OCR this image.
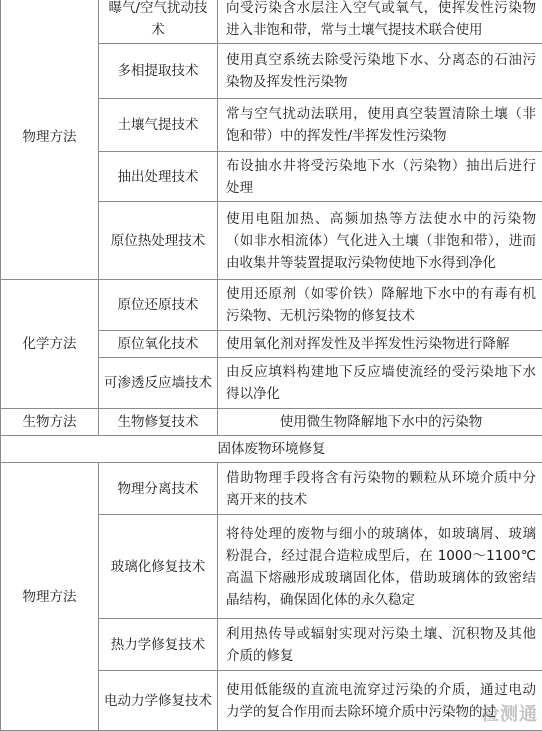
物理方法	曝气/空气扰动技术	向受污染含水层注入空气或氧气，使挥发性污染物进入非饱和带，常与土壤气提技术联合使用
	多相提取技术	使用真空系统去除受污染地下水、分离态的石油污染物及挥发性污染物
	土壤气提技术	常与空气扰动法联用，使用真空装置清除土壤（非饱和带）中的挥发性/半挥发性污染物
	抽出处理技术	布设抽水井将受污染地下水（污染物）抽出后进行处理
	原位热处理技术	使用电阻加热、高频加热等方法使水中的污染物（如非水相流体）气化进入土壤（非饱和带），进而由收集井等装置提取污染物使地下水得到净化
化学方法	原位还原技术	使用还原剂（如零价铁）降解地下水中的有毒有机污染物、无机污染物的修复技术
	原位氧化技术	使用氧化剂对挥发性及半挥发性污染物进行降解
	可渗透反应墙技术	由反应填料构建地下反应墙使流经的受污染地下水得以净化
生物方法	生物修复技术	使用微生物降解地下水中的污染物
固体废物环境修复		
物理方法	物理分离技术	借助物理手段将含有污染物的颗粒从环境介质中分离开来的技术
	玻璃化修复技术	将待处理的废物与细小的玻璃体，如玻璃屑、玻璃粉混合，经过混合造粒成型后，在 1000～1100℃高温下熔融形成玻璃固化体，借助玻璃体的致密结晶结构，确保固化体的永久稳定
	热力学修复技术	利用热传导或辐射实现对污染土壤、沉积物及其他介质的修复
	电动力学修复技术	使用低能级的直流电流穿过污染的介质，通过电动力学的复合作用而去除环境介质中污染物的过
检测通
